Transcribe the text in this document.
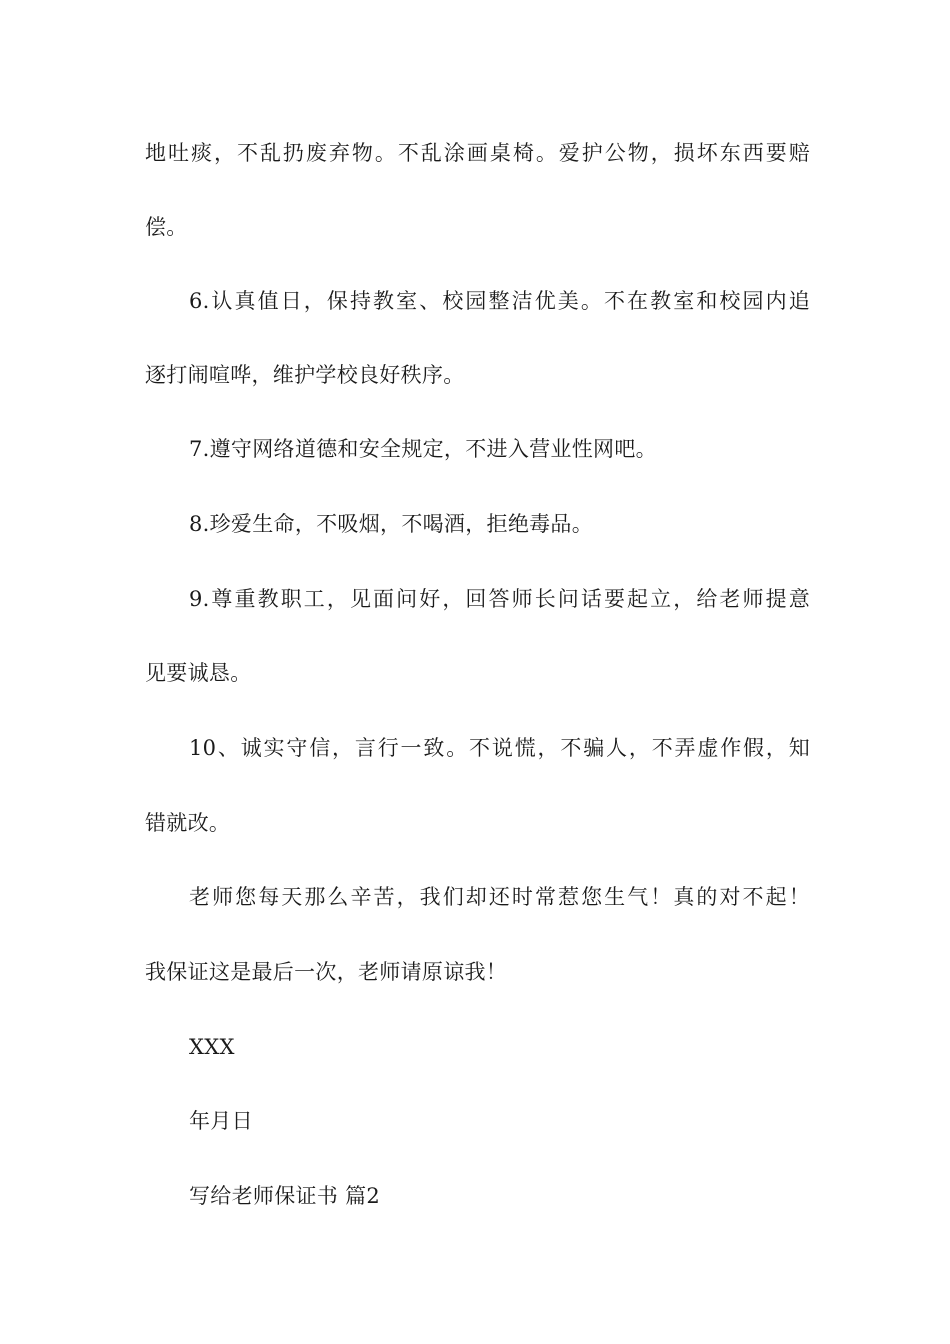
地吐痰，不乱扔废弃物。不乱涂画桌椅。爱护公物，损坏东西要赔

偿。

6.认真值日，保持教室、校园整洁优美。不在教室和校园内追

逐打闹喧哗，维护学校良好秩序。

7.遵守网络道德和安全规定，不进入营业性网吧。

8.珍爱生命，不吸烟，不喝酒，拒绝毒品。

9.尊重教职工，见面问好，回答师长问话要起立，给老师提意

见要诚恳。

10、诚实守信，言行一致。不说慌，不骗人，不弄虚作假，知

错就改。

老师您每天那么辛苦，我们却还时常惹您生气！真的对不起！

我保证这是最后一次，老师请原谅我！

XXX

年月日

写给老师保证书 篇2
